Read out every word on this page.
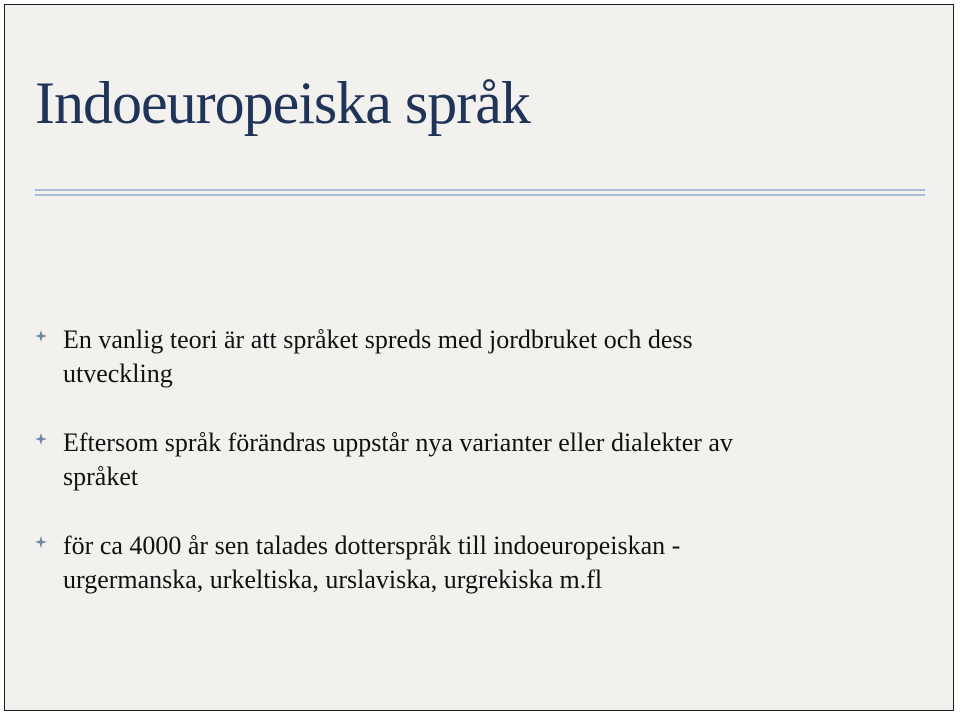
Indoeuropeiska språk
En vanlig teori är att språket spreds med jordbruket och dess
utveckling
Eftersom språk förändras uppstår nya varianter eller dialekter av
språket
för ca 4000 år sen talades dotterspråk till indoeuropeiskan -
urgermanska, urkeltiska, urslaviska, urgrekiska m.fl
